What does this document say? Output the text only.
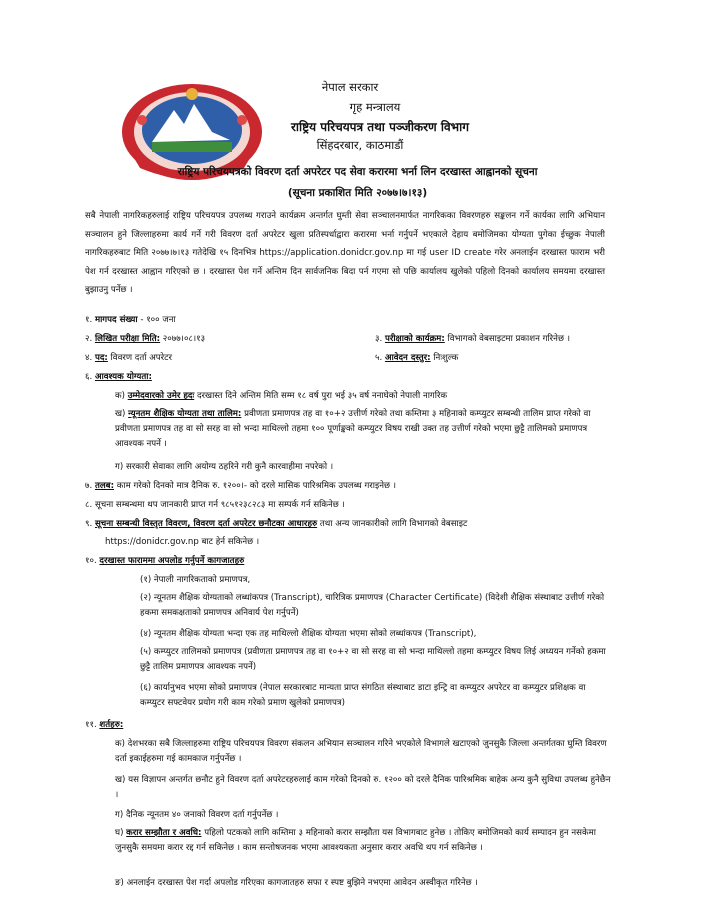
नेपाल सरकार
गृह मन्त्रालय
राष्ट्रिय परिचयपत्र तथा पञ्जीकरण विभाग
सिंहदरबार, काठमाडौं
राष्ट्रिय परिचयपत्रको विवरण दर्ता अपरेटर पद सेवा करारमा भर्ना लिन दरखास्त आह्वानको सूचना
(सूचना प्रकाशित मिति २०७७।७।१३)
सबै नेपाली नागरिकहरुलाई राष्ट्रिय परिचयपत्र उपलब्ध गराउने कार्यक्रम अन्तर्गत घुम्ती सेवा सञ्चालनमार्फत नागरिकका विवरणहरु सङ्कलन गर्ने कार्यका लागि अभियान सञ्चालन हुने जिल्लाहरुमा कार्य गर्ने गरी विवरण दर्ता अपरेटर खुला प्रतिस्पर्धाद्वारा करारमा भर्ना गर्नुपर्ने भएकाले देहाय बमोजिमका योग्यता पुगेका ईच्छुक नेपाली नागरिकहरुबाट मिति २०७७।७।१३ गतेदेखि १५ दिनभित्र https://application.donidcr.gov.np मा गई user ID create गरेर अनलाईन दरखास्त फाराम भरी पेश गर्न दरखास्त आह्वान गरिएको छ । दरखास्त पेश गर्ने अन्तिम दिन सार्वजनिक बिदा पर्न गएमा सो पछि कार्यालय खुलेको पहिलो दिनको कार्यालय समयमा दरखास्त बुझाउनु पर्नेछ ।
१. मागपद संख्या - १०० जना
२. लिखित परीक्षा मिति: २०७७।०८।१३	३. परीक्षाको कार्यक्रम: विभागको वेबसाइटमा प्रकाशन गरिनेछ ।
४. पद: विवरण दर्ता अपरेटर	५. आवेदन दस्तुर: निःशुल्क
६. आवश्यक योग्यता:
क) उम्मेदवारको उमेर हदः दरखास्त दिने अन्तिम मिति सम्म १८ वर्ष पुरा भई ३५ वर्ष ननाघेको नेपाली नागरिक
ख) न्यूनतम शैक्षिक योग्यता तथा तालिम: प्रवीणता प्रमाणपत्र तह वा १०+२ उत्तीर्ण गरेको तथा कम्तिमा ३ महिनाको कम्प्युटर सम्बन्धी तालिम प्राप्त गरेको वा प्रवीणता प्रमाणपत्र तह वा सो सरह वा सो भन्दा माथिल्लो तहमा १०० पूर्णाङ्कको कम्प्युटर विषय राखी उक्त तह उत्तीर्ण गरेको भएमा छुट्टै तालिमको प्रमाणपत्र आवश्यक नपर्ने ।
ग) सरकारी सेवाका लागि अयोग्य ठहरिने गरी कुनै कारवाहीमा नपरेको ।
७. तलब: काम गरेको दिनको मात्र दैनिक रु. १२००।- को दरले मासिक पारिश्रमिक उपलब्ध गराइनेछ ।
८. सूचना सम्बन्धमा थप जानकारी प्राप्त गर्न ९८५१२३८२८३ मा सम्पर्क गर्न सकिनेछ ।
९. सूचना सम्बन्धी विस्तृत विवरण, विवरण दर्ता अपरेटर छनौटका आधारहरु तथा अन्य जानकारीको लागि विभागको वेबसाइट
https://donidcr.gov.np बाट हेर्न सकिनेछ ।
१०. दरखास्त फाराममा अपलोड गर्नुपर्ने कागजातहरु
(१) नेपाली नागरिकताको प्रमाणपत्र,
(२) न्यूनतम शैक्षिक योग्यताको लब्धांकपत्र (Transcript), चारित्रिक प्रमाणपत्र (Character Certificate) (विदेशी शैक्षिक संस्थाबाट उत्तीर्ण गरेको हकमा समकक्षताको प्रमाणपत्र अनिवार्य पेश गर्नुपर्ने)
(४) न्यूनतम शैक्षिक योग्यता भन्दा एक तह माथिल्लो शैक्षिक योग्यता भएमा सोको लब्धांकपत्र (Transcript),
(५) कम्प्युटर तालिमको प्रमाणपत्र (प्रवीणता प्रमाणपत्र तह वा १०+२ वा सो सरह वा सो भन्दा माथिल्लो तहमा कम्प्युटर विषय लिई अध्ययन गर्नेको हकमा छुट्टै तालिम प्रमाणपत्र आवश्यक नपर्ने)
(६) कार्यानुभव भएमा सोको प्रमाणपत्र (नेपाल सरकारबाट मान्यता प्राप्त संगठित संस्थाबाट डाटा इन्ट्रि वा कम्प्युटर अपरेटर वा कम्प्युटर प्रशिक्षक वा कम्प्युटर सफ्टवेयर प्रयोग गरी काम गरेको प्रमाण खुलेको प्रमाणपत्र)
११. शर्तहरु:
क) देशभरका सबै जिल्लाहरुमा राष्ट्रिय परिचयपत्र विवरण संकलन अभियान सञ्चालन गरिने भएकोले विभागले खटाएको जुनसुकै जिल्ला अन्तर्गतका घुम्ति विवरण दर्ता इकाईहरुमा गई कामकाज गर्नुपर्नेछ ।
ख) यस विज्ञापन अन्तर्गत छनौट हुने विवरण दर्ता अपरेटरहरुलाई काम गरेको दिनको रु. १२०० को दरले दैनिक पारिश्रमिक बाहेक अन्य कुनै सुविधा उपलब्ध हुनेछैन ।
ग) दैनिक न्यूनतम ४० जनाको विवरण दर्ता गर्नुपर्नेछ ।
घ) करार सम्झौता र अवधि: पहिलो पटकको लागि कम्तिमा ३ महिनाको करार सम्झौता यस विभागबाट हुनेछ । तोकिए बमोजिमको कार्य सम्पादन हुन नसकेमा जुनसुकै समयमा करार रद्द गर्न सकिनेछ । काम सन्तोषजनक भएमा आवश्यकता अनुसार करार अवधि थप गर्न सकिनेछ ।
ङ) अनलाईन दरखास्त पेश गर्दा अपलोड गरिएका कागजातहरु सफा र स्पष्ट बुझिने नभएमा आवेदन अस्वीकृत गरिनेछ ।
